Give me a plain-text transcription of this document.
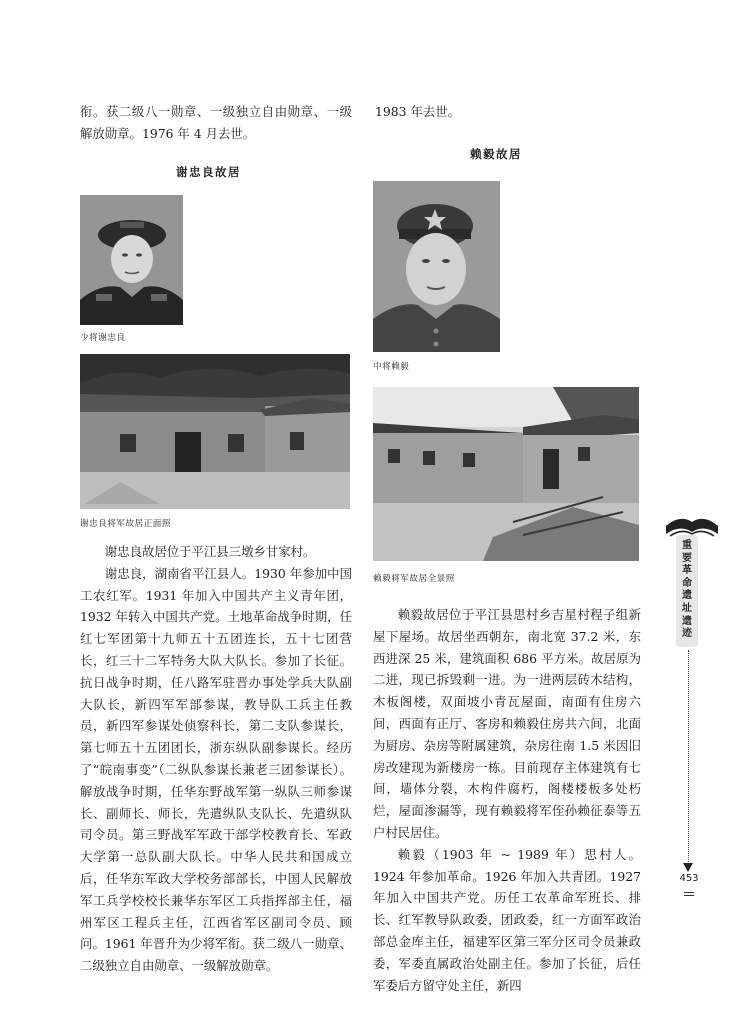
衔。获二级八一勋章、一级独立自由勋章、一级解放勋章。1976 年 4 月去世。

1983 年去世。

谢忠良故居
赖毅故居
少将谢忠良
谢忠良将军故居正面照
中将赖毅
赖毅将军故居全景照

谢忠良故居位于平江县三墩乡甘家村。

谢忠良，湖南省平江县人。1930 年参加中国工农红军。1931 年加入中国共产主义青年团，1932 年转入中国共产党。土地革命战争时期，任红七军团第十九师五十五团连长，五十七团营长，红三十二军特务大队大队长。参加了长征。抗日战争时期，任八路军驻晋办事处学兵大队副大队长，新四军军部参谋，教导队工兵主任教员，新四军参谋处侦察科长，第二支队参谋长，第七师五十五团团长，浙东纵队副参谋长。经历了“皖南事变”（二纵队参谋长兼老三团参谋长）。解放战争时期，任华东野战军第一纵队三师参谋长、副师长、师长，先遣纵队支队长、先遣纵队司令员。第三野战军军政干部学校教育长、军政大学第一总队副大队长。中华人民共和国成立后，任华东军政大学校务部部长，中国人民解放军工兵学校校长兼华东军区工兵指挥部主任，福州军区工程兵主任，江西省军区副司令员、顾问。1961 年晋升为少将军衔。获二级八一勋章、二级独立自由勋章、一级解放勋章。

赖毅故居位于平江县思村乡吉星村程子组新屋下屋场。故居坐西朝东，南北宽 37.2 米，东西进深 25 米，建筑面积 686 平方米。故居原为二进，现已拆毁剩一进。为一进两层砖木结构，木板阁楼，双面坡小青瓦屋面，南面有住房六间，西面有正厅、客房和赖毅住房共六间，北面为厨房、杂房等附属建筑，杂房往南 1.5 米因旧房改建现为新楼房一栋。目前现存主体建筑有七间，墙体分裂，木构件腐朽，阁楼楼板多处朽烂，屋面渗漏等，现有赖毅将军侄孙赖征泰等五户村民居住。

赖毅（1903 年 ~ 1989 年）思村人。1924 年参加革命。1926 年加入共青团。1927 年加入中国共产党。历任工农革命军班长、排长、红军教导队政委，团政委，红一方面军政治部总金库主任，福建军区第三军分区司令员兼政委，军委直属政治处副主任。参加了长征，后任军委后方留守处主任，新四

重要革命遗址遗迹
453
